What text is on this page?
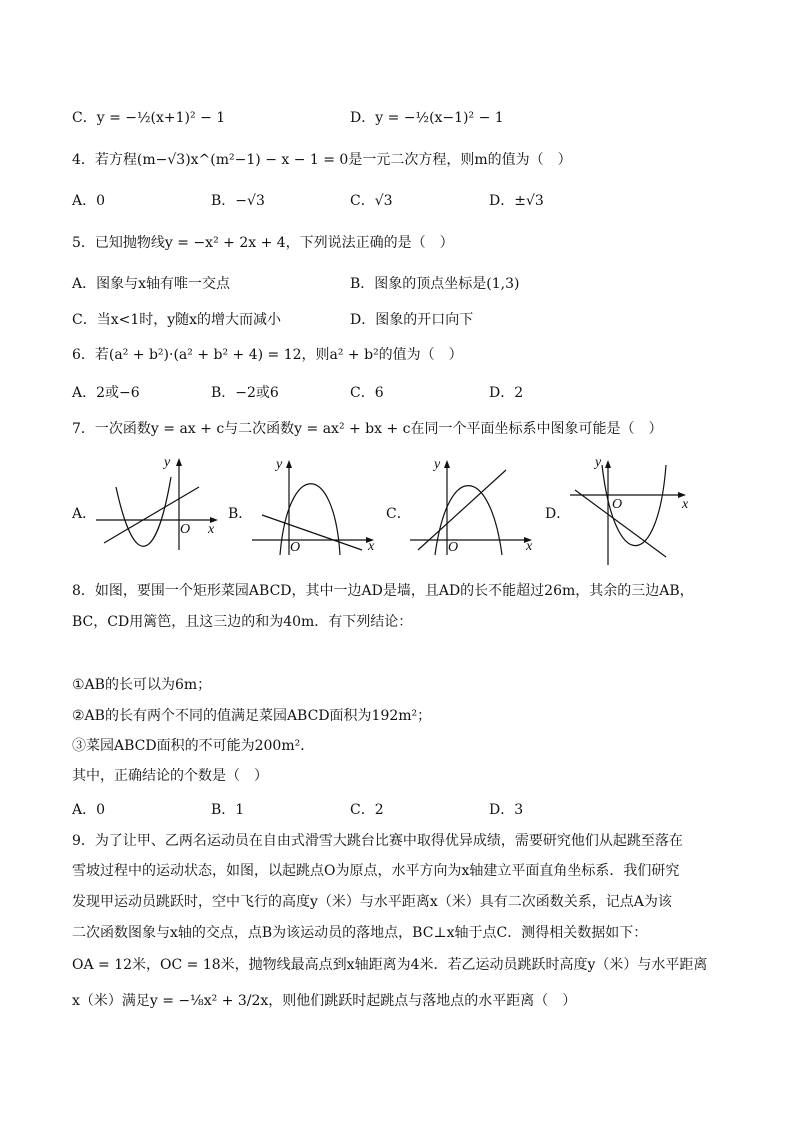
C．y = −½(x+1)² − 1	D．y = −½(x−1)² − 1
4．若方程(m−√3)x^(m²−1) − x − 1 = 0是一元二次方程，则m的值为（　）
A．0	B．−√3	C．√3	D．±√3
5．已知抛物线y = −x² + 2x + 4，下列说法正确的是（　）
A．图象与x轴有唯一交点	B．图象的顶点坐标是(1,3)
C．当x<1时，y随x的增大而减小	D．图象的开口向下
6．若(a² + b²)·(a² + b² + 4) = 12，则a² + b²的值为（　）
A．2或−6	B．−2或6	C．6	D．2
7．一次函数y = ax + c与二次函数y = ax² + bx + c在同一个平面坐标系中图象可能是（　）
A．
y
x
O
B．
y
x
O
C．
y
x
O
D．
y
x
O
8．如图，要围一个矩形菜园ABCD，其中一边AD是墙，且AD的长不能超过26m，其余的三边AB，
BC，CD用篱笆，且这三边的和为40m．有下列结论：
①AB的长可以为6m；
②AB的长有两个不同的值满足菜园ABCD面积为192m²；
③菜园ABCD面积的不可能为200m²．
其中，正确结论的个数是（　）
A．0	B．1	C．2	D．3
9．为了让甲、乙两名运动员在自由式滑雪大跳台比赛中取得优异成绩，需要研究他们从起跳至落在
雪坡过程中的运动状态，如图，以起跳点O为原点，水平方向为x轴建立平面直角坐标系．我们研究
发现甲运动员跳跃时，空中飞行的高度y（米）与水平距离x（米）具有二次函数关系，记点A为该
二次函数图象与x轴的交点，点B为该运动员的落地点，BC⊥x轴于点C．测得相关数据如下：
OA = 12米，OC = 18米，抛物线最高点到x轴距离为4米．若乙运动员跳跃时高度y（米）与水平距离
x（米）满足y = −⅛x² + 3/2x，则他们跳跃时起跳点与落地点的水平距离（　）
